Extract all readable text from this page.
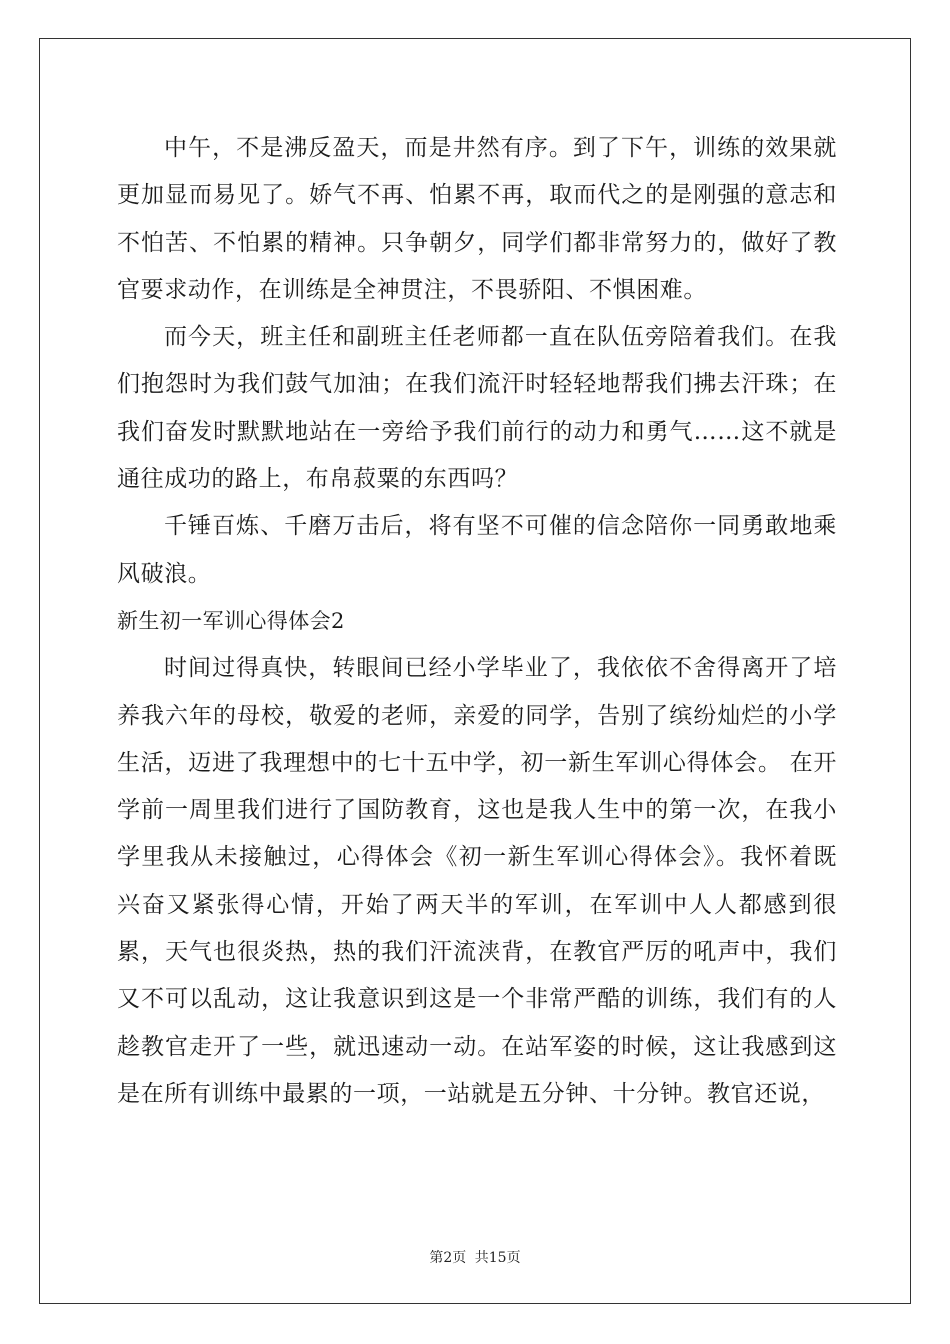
中午，不是沸反盈天，而是井然有序。到了下午，训练的效果就更加显而易见了。娇气不再、怕累不再，取而代之的是刚强的意志和不怕苦、不怕累的精神。只争朝夕，同学们都非常努力的，做好了教官要求动作，在训练是全神贯注，不畏骄阳、不惧困难。

而今天，班主任和副班主任老师都一直在队伍旁陪着我们。在我们抱怨时为我们鼓气加油；在我们流汗时轻轻地帮我们拂去汗珠；在我们奋发时默默地站在一旁给予我们前行的动力和勇气……这不就是通往成功的路上，布帛菽粟的东西吗？

千锤百炼、千磨万击后，将有坚不可催的信念陪你一同勇敢地乘风破浪。

新生初一军训心得体会2

时间过得真快，转眼间已经小学毕业了，我依依不舍得离开了培养我六年的母校，敬爱的老师，亲爱的同学，告别了缤纷灿烂的小学生活，迈进了我理想中的七十五中学，初一新生军训心得体会。 在开学前一周里我们进行了国防教育，这也是我人生中的第一次，在我小学里我从未接触过，心得体会《初一新生军训心得体会》。我怀着既兴奋又紧张得心情，开始了两天半的军训，在军训中人人都感到很累，天气也很炎热，热的我们汗流浃背，在教官严厉的吼声中，我们又不可以乱动，这让我意识到这是一个非常严酷的训练，我们有的人趁教官走开了一些，就迅速动一动。在站军姿的时候，这让我感到这是在所有训练中最累的一项，一站就是五分钟、十分钟。教官还说，

第2页 共15页
